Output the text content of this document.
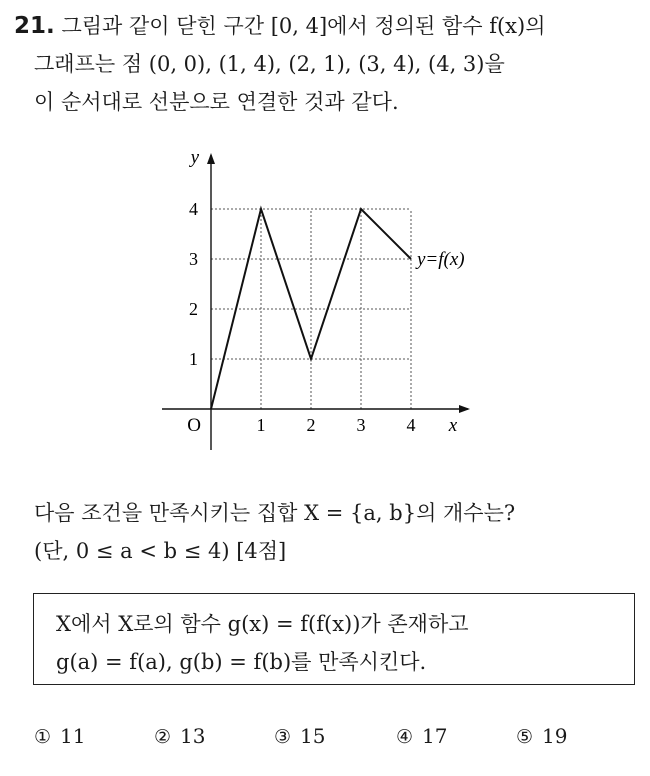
21. 그림과 같이 닫힌 구간 [0, 4]에서 정의된 함수 f(x)의
그래프는 점 (0, 0), (1, 4), (2, 1), (3, 4), (4, 3)을
이 순서대로 선분으로 연결한 것과 같다.
1 2 3 4
1
2
3
4
y=f(x)
x
y
O
다음 조건을 만족시키는 집합 X = {a, b}의 개수는?
(단, 0 ≤ a < b ≤ 4) [4점]
X에서 X로의 함수 g(x) = f(f(x))가 존재하고
g(a) = f(a), g(b) = f(b)를 만족시킨다.
① 11	② 13	③ 15	④ 17	⑤ 19
